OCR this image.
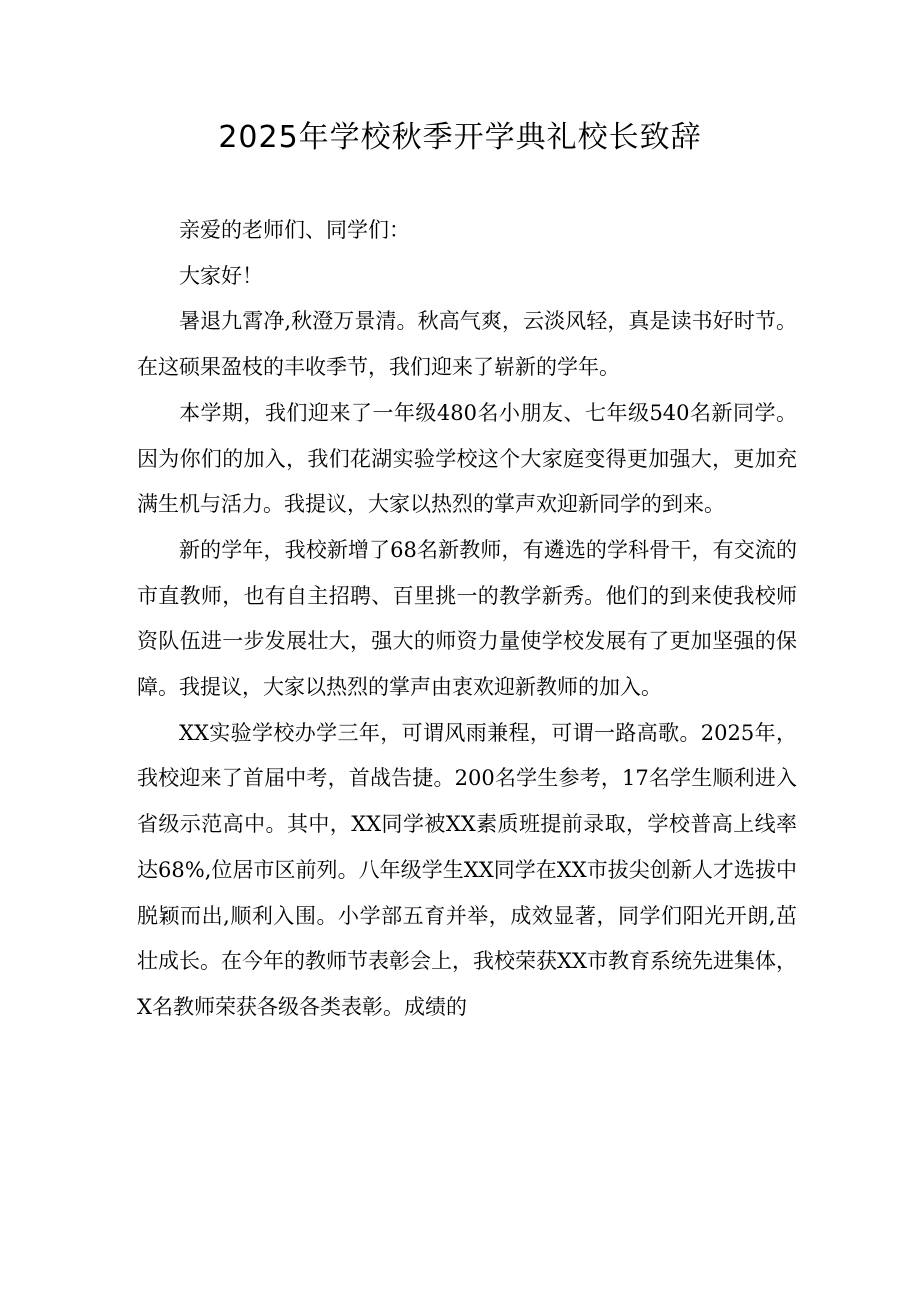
2025年学校秋季开学典礼校长致辞

亲爱的老师们、同学们：

大家好！

暑退九霄净,秋澄万景清。秋高气爽，云淡风轻，真是读书好时节。在这硕果盈枝的丰收季节，我们迎来了崭新的学年。

本学期，我们迎来了一年级480名小朋友、七年级540名新同学。因为你们的加入，我们花湖实验学校这个大家庭变得更加强大，更加充满生机与活力。我提议，大家以热烈的掌声欢迎新同学的到来。

新的学年，我校新增了68名新教师，有遴选的学科骨干，有交流的市直教师，也有自主招聘、百里挑一的教学新秀。他们的到来使我校师资队伍进一步发展壮大，强大的师资力量使学校发展有了更加坚强的保障。我提议，大家以热烈的掌声由衷欢迎新教师的加入。

XX实验学校办学三年，可谓风雨兼程，可谓一路高歌。2025年，我校迎来了首届中考，首战告捷。200名学生参考，17名学生顺利进入省级示范高中。其中，XX同学被XX素质班提前录取，学校普高上线率达68%,位居市区前列。八年级学生XX同学在XX市拔尖创新人才选拔中脱颖而出,顺利入围。小学部五育并举，成效显著，同学们阳光开朗,茁壮成长。在今年的教师节表彰会上，我校荣获XX市教育系统先进集体，X名教师荣获各级各类表彰。成绩的
